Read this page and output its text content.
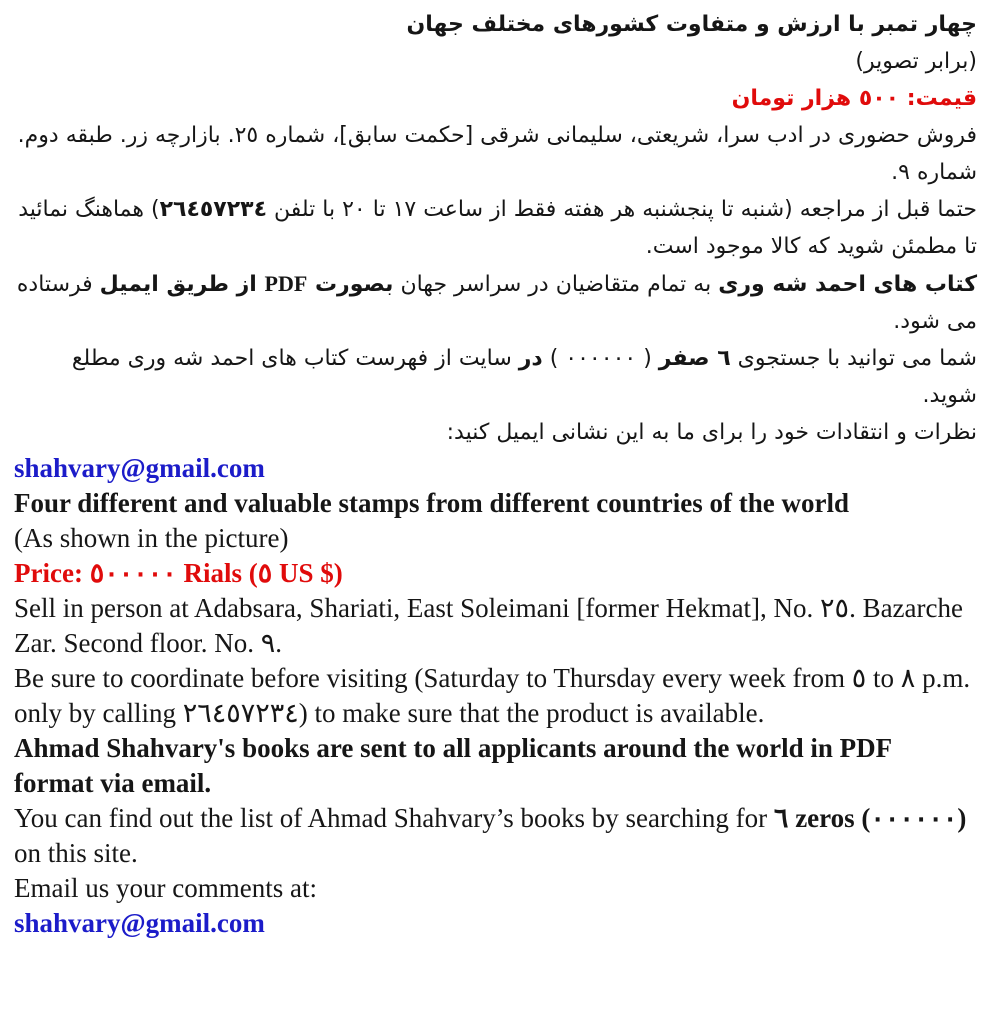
چهار تمبر با ارزش و متفاوت کشورهای مختلف جهان

(برابر تصویر)

قیمت: ٥٠٠ هزار تومان

فروش حضوری در ادب سرا، شریعتی، سلیمانی شرقی [حکمت سابق]، شماره ٢٥. بازارچه زر. طبقه دوم. شماره ٩.

حتما قبل از مراجعه (شنبه تا پنجشنبه هر هفته فقط از ساعت ١٧ تا ٢٠ با تلفن ٢٦٤٥٧٢٣٤) هماهنگ نمائید تا مطمئن شوید که کالا موجود است.

کتاب های احمد شه وری به تمام متقاضیان در سراسر جهان بصورت PDF از طریق ایمیل فرستاده می شود.

شما می توانید با جستجوی ٦ صفر ( ٠٠٠٠٠٠ ) در سایت از فهرست کتاب های احمد شه وری مطلع شوید.

نظرات و انتقادات خود را برای ما به این نشانی ایمیل کنید:

shahvary@gmail.com

Four different and valuable stamps from different countries of the world

(As shown in the picture)

Price: ٥٠٠٠٠٠ Rials (٥ US $)

Sell in person at Adabsara, Shariati, East Soleimani [former Hekmat], No. ٢٥. Bazarche Zar. Second floor. No. ٩.

Be sure to coordinate before visiting (Saturday to Thursday every week from ٥ to ٨ p.m. only by calling ٢٦٤٥٧٢٣٤) to make sure that the product is available.

Ahmad Shahvary's books are sent to all applicants around the world in PDF format via email.

You can find out the list of Ahmad Shahvary’s books by searching for ٦ zeros (٠٠٠٠٠٠) on this site.

Email us your comments at:

shahvary@gmail.com
